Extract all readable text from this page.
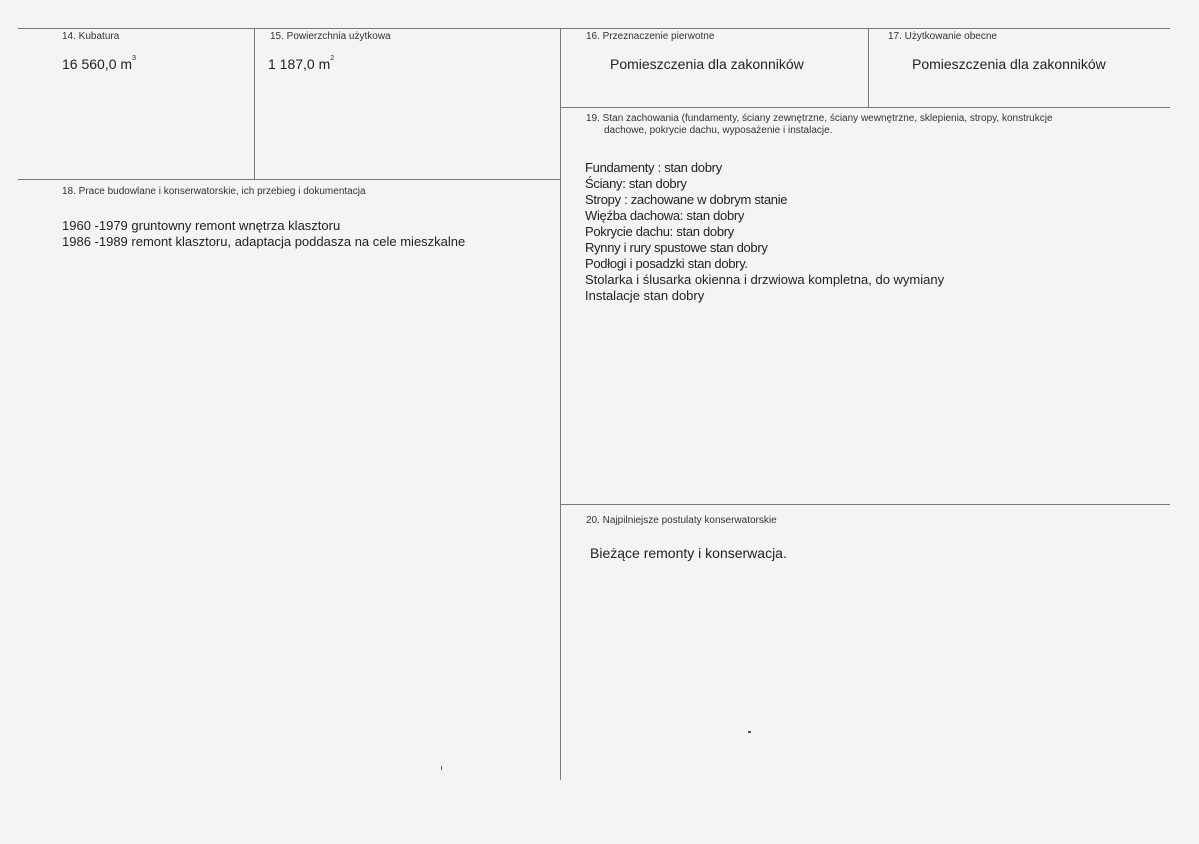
14. Kubatura
16 560,0 $m^3$
15. Powierzchnia użytkowa
1 187,0 $m^2$
16. Przeznaczenie pierwotne
Pomieszczenia dla zakonników
17. Użytkowanie obecne
Pomieszczenia dla zakonników
19. Stan zachowania (fundamenty, ściany zewnętrzne, ściany wewnętrzne, sklepienia, stropy, konstrukcje
dachowe, pokrycie dachu, wyposażenie i instalacje.
Fundamenty : stan dobry
Ściany: stan dobry
Stropy : zachowane w dobrym stanie
Więźba dachowa: stan dobry
Pokrycie dachu: stan dobry
Rynny i rury spustowe stan dobry
Podłogi i posadzki stan dobry.
Stolarka i ślusarka okienna i drzwiowa kompletna, do wymiany
Instalacje stan dobry
18. Prace budowlane i konserwatorskie, ich przebieg i dokumentacja
1960 -1979 gruntowny remont wnętrza klasztoru
1986 -1989 remont klasztoru, adaptacja poddasza na cele mieszkalne
20. Najpilniejsze postulaty konserwatorskie
Bieżące remonty i konserwacja.
